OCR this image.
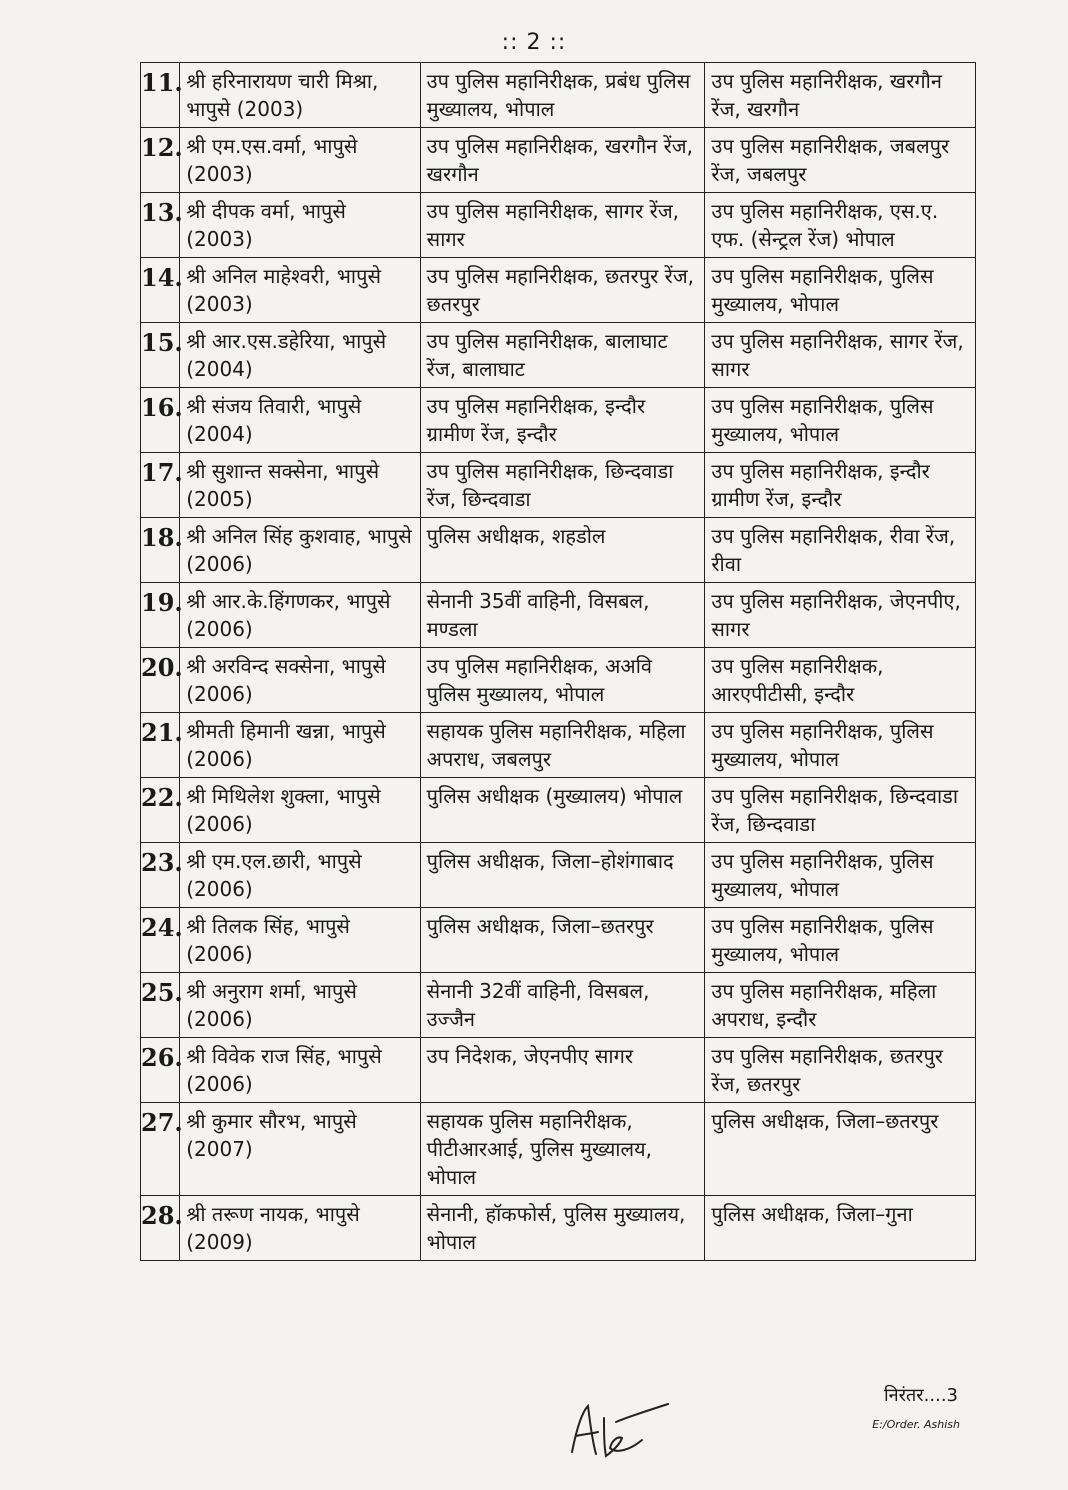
:: 2 ::
11.	श्री हरिनारायण चारी मिश्रा, भापुसे (2003)	उप पुलिस महानिरीक्षक, प्रबंध पुलिस मुख्यालय, भोपाल	उप पुलिस महानिरीक्षक, खरगौन रेंज, खरगौन
12.	श्री एम.एस.वर्मा, भापुसे (2003)	उप पुलिस महानिरीक्षक, खरगौन रेंज, खरगौन	उप पुलिस महानिरीक्षक, जबलपुर रेंज, जबलपुर
13.	श्री दीपक वर्मा, भापुसे (2003)	उप पुलिस महानिरीक्षक, सागर रेंज, सागर	उप पुलिस महानिरीक्षक, एस.ए. एफ. (सेन्ट्रल रेंज) भोपाल
14.	श्री अनिल माहेश्वरी, भापुसे (2003)	उप पुलिस महानिरीक्षक, छतरपुर रेंज, छतरपुर	उप पुलिस महानिरीक्षक, पुलिस मुख्यालय, भोपाल
15.	श्री आर.एस.डहेरिया, भापुसे (2004)	उप पुलिस महानिरीक्षक, बालाघाट रेंज, बालाघाट	उप पुलिस महानिरीक्षक, सागर रेंज, सागर
16.	श्री संजय तिवारी, भापुसे (2004)	उप पुलिस महानिरीक्षक, इन्दौर ग्रामीण रेंज, इन्दौर	उप पुलिस महानिरीक्षक, पुलिस मुख्यालय, भोपाल
17.	श्री सुशान्त सक्सेना, भापुसे (2005)	उप पुलिस महानिरीक्षक, छिन्दवाडा रेंज, छिन्दवाडा	उप पुलिस महानिरीक्षक, इन्दौर ग्रामीण रेंज, इन्दौर
18.	श्री अनिल सिंह कुशवाह, भापुसे (2006)	पुलिस अधीक्षक, शहडोल	उप पुलिस महानिरीक्षक, रीवा रेंज, रीवा
19.	श्री आर.के.हिंगणकर, भापुसे (2006)	सेनानी 35वीं वाहिनी, विसबल, मण्डला	उप पुलिस महानिरीक्षक, जेएनपीए, सागर
20.	श्री अरविन्द सक्सेना, भापुसे (2006)	उप पुलिस महानिरीक्षक, अअवि पुलिस मुख्यालय, भोपाल	उप पुलिस महानिरीक्षक, आरएपीटीसी, इन्दौर
21.	श्रीमती हिमानी खन्ना, भापुसे (2006)	सहायक पुलिस महानिरीक्षक, महिला अपराध, जबलपुर	उप पुलिस महानिरीक्षक, पुलिस मुख्यालय, भोपाल
22.	श्री मिथिलेश शुक्ला, भापुसे (2006)	पुलिस अधीक्षक (मुख्यालय) भोपाल	उप पुलिस महानिरीक्षक, छिन्दवाडा रेंज, छिन्दवाडा
23.	श्री एम.एल.छारी, भापुसे (2006)	पुलिस अधीक्षक, जिला–होशंगाबाद	उप पुलिस महानिरीक्षक, पुलिस मुख्यालय, भोपाल
24.	श्री तिलक सिंह, भापुसे (2006)	पुलिस अधीक्षक, जिला–छतरपुर	उप पुलिस महानिरीक्षक, पुलिस मुख्यालय, भोपाल
25.	श्री अनुराग शर्मा, भापुसे (2006)	सेनानी 32वीं वाहिनी, विसबल, उज्जैन	उप पुलिस महानिरीक्षक, महिला अपराध, इन्दौर
26.	श्री विवेक राज सिंह, भापुसे (2006)	उप निदेशक, जेएनपीए सागर	उप पुलिस महानिरीक्षक, छतरपुर रेंज, छतरपुर
27.	श्री कुमार सौरभ, भापुसे (2007)	सहायक पुलिस महानिरीक्षक, पीटीआरआई, पुलिस मुख्यालय, भोपाल	पुलिस अधीक्षक, जिला–छतरपुर
28.	श्री तरूण नायक, भापुसे (2009)	सेनानी, हॉकफोर्स, पुलिस मुख्यालय, भोपाल	पुलिस अधीक्षक, जिला–गुना
निरंतर....3
E:/Order. Ashish
